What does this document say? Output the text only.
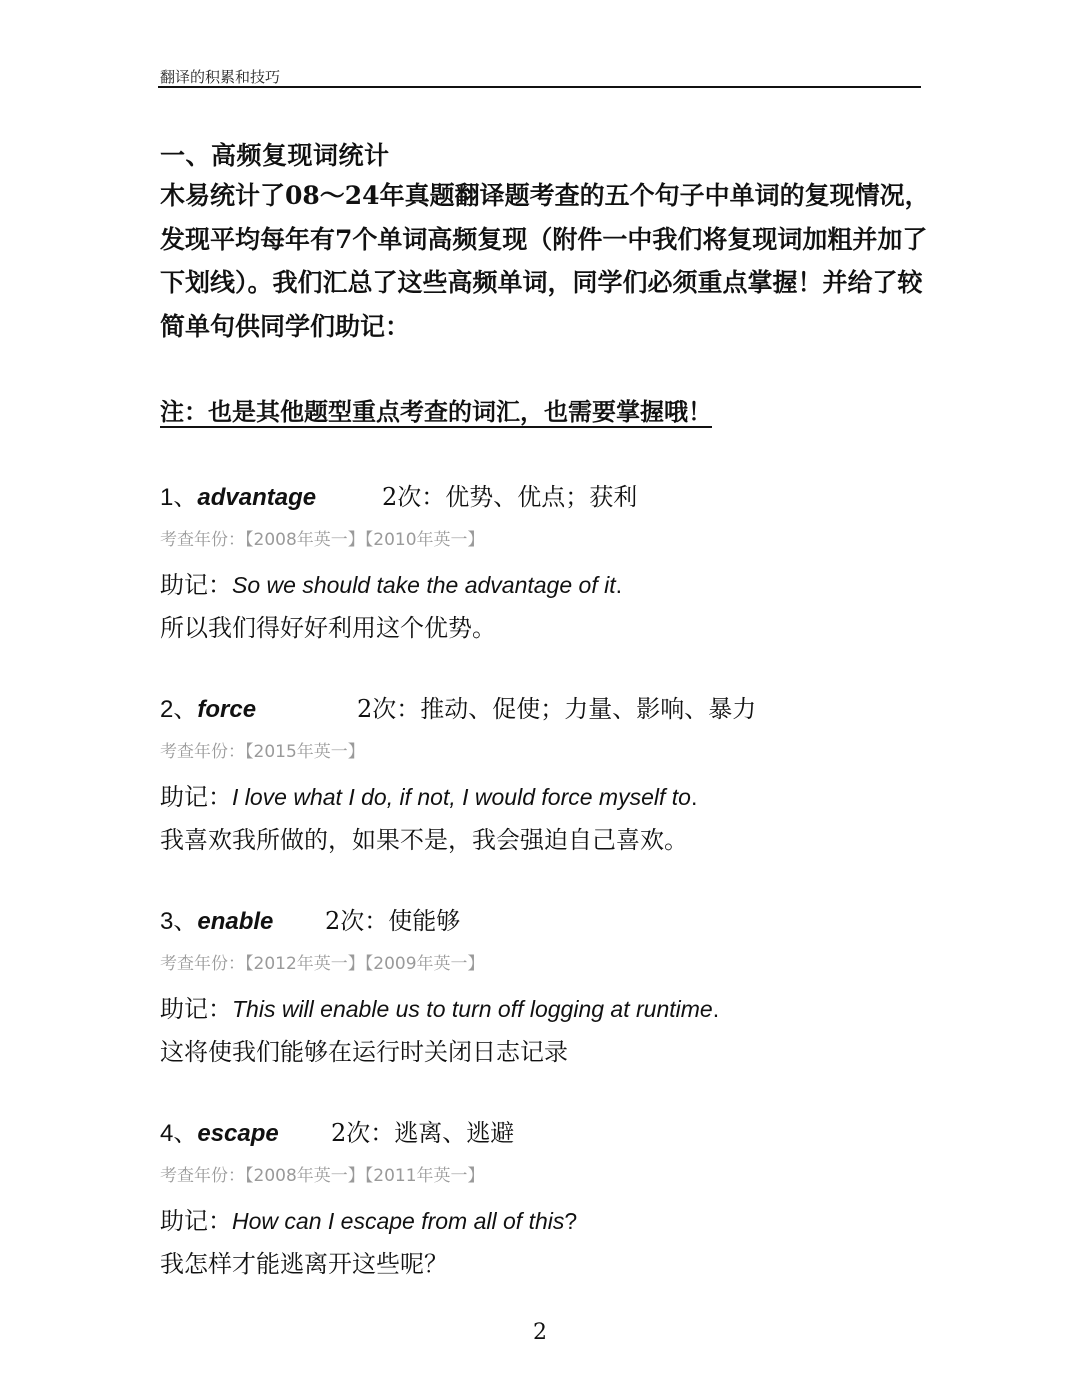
翻译的积累和技巧
一、高频复现词统计

木易统计了08～24年真题翻译题考查的五个句子中单词的复现情况，发现平均每年有7个单词高频复现（附件一中我们将复现词加粗并加了下划线）。我们汇总了这些高频单词，同学们必须重点掌握！并给了较简单句供同学们助记：

注：也是其他题型重点考查的词汇，也需要掌握哦！
1、advantage	2次：优势、优点；获利
考查年份：【2008年英一】【2010年英一】
助记：So we should take the advantage of it.
所以我们得好好利用这个优势。
2、force	2次：推动、促使；力量、影响、暴力
考查年份：【2015年英一】
助记：I love what I do, if not, I would force myself to.
我喜欢我所做的，如果不是，我会强迫自己喜欢。
3、enable 2次：使能够
考查年份：【2012年英一】【2009年英一】
助记：This will enable us to turn off logging at runtime.
这将使我们能够在运行时关闭日志记录
4、escape 2次：逃离、逃避
考查年份：【2008年英一】【2011年英一】
助记：How can I escape from all of this?
我怎样才能逃离开这些呢？
2
